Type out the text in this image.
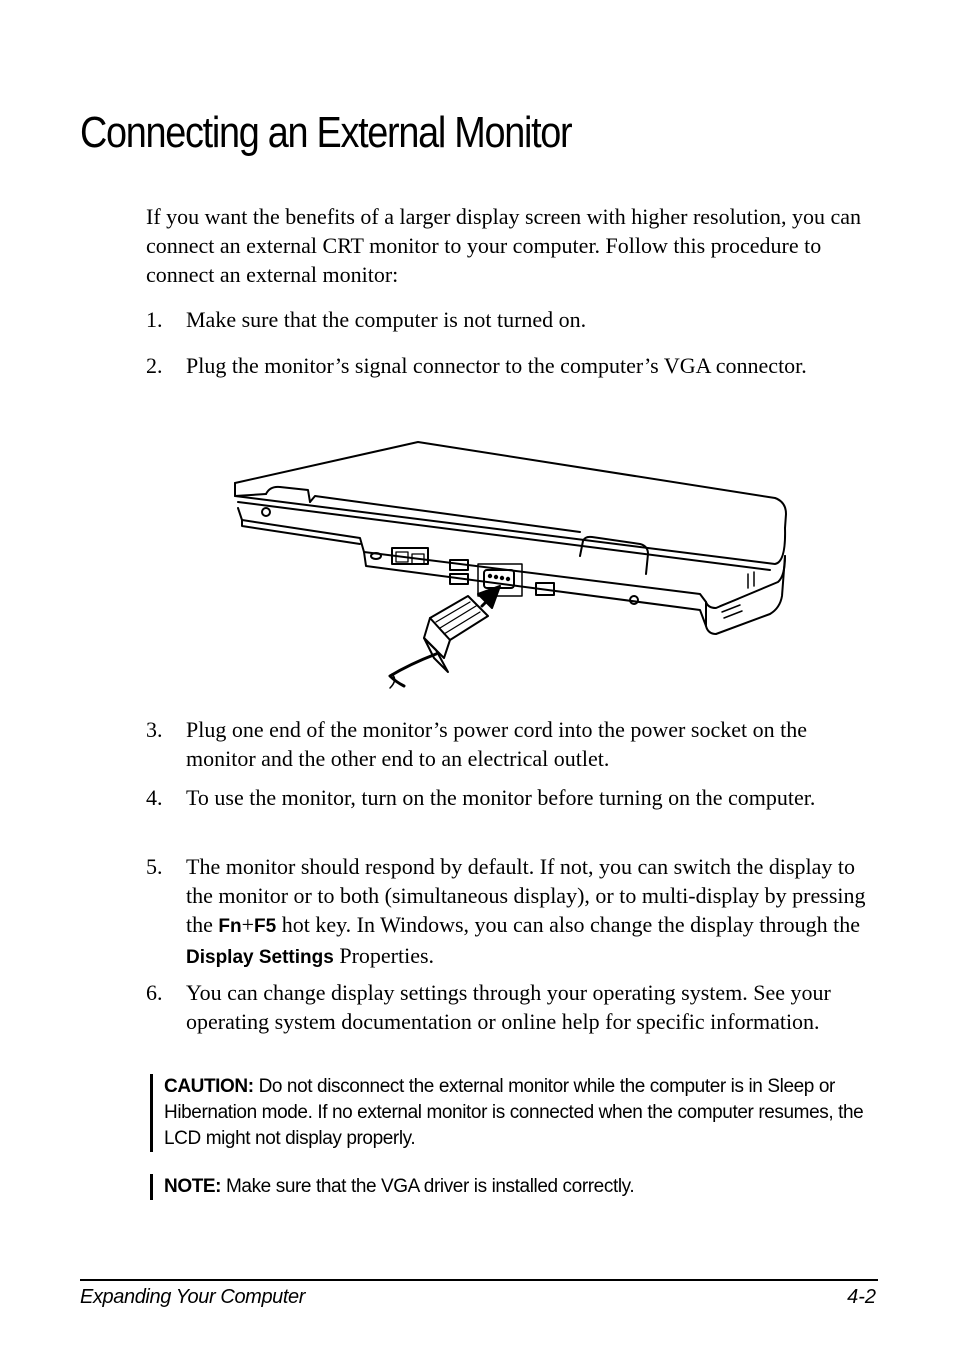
Connecting an External Monitor
If you want the benefits of a larger display screen with higher resolution, you can connect an external CRT monitor to your computer. Follow this procedure to connect an external monitor:
1. Make sure that the computer is not turned on.
2. Plug the monitor’s signal connector to the computer’s VGA connector.
3. Plug one end of the monitor’s power cord into the power socket on the monitor and the other end to an electrical outlet.
4. To use the monitor, turn on the monitor before turning on the computer.
5. The monitor should respond by default. If not, you can switch the display to the monitor or to both (simultaneous display), or to multi-display by pressing the Fn+F5 hot key. In Windows, you can also change the display through the Display Settings Properties.
6. You can change display settings through your operating system. See your operating system documentation or online help for specific information.
CAUTION: Do not disconnect the external monitor while the computer is in Sleep or Hibernation mode. If no external monitor is connected when the computer resumes, the LCD might not display properly.
NOTE: Make sure that the VGA driver is installed correctly.
Expanding Your Computer	4-2
